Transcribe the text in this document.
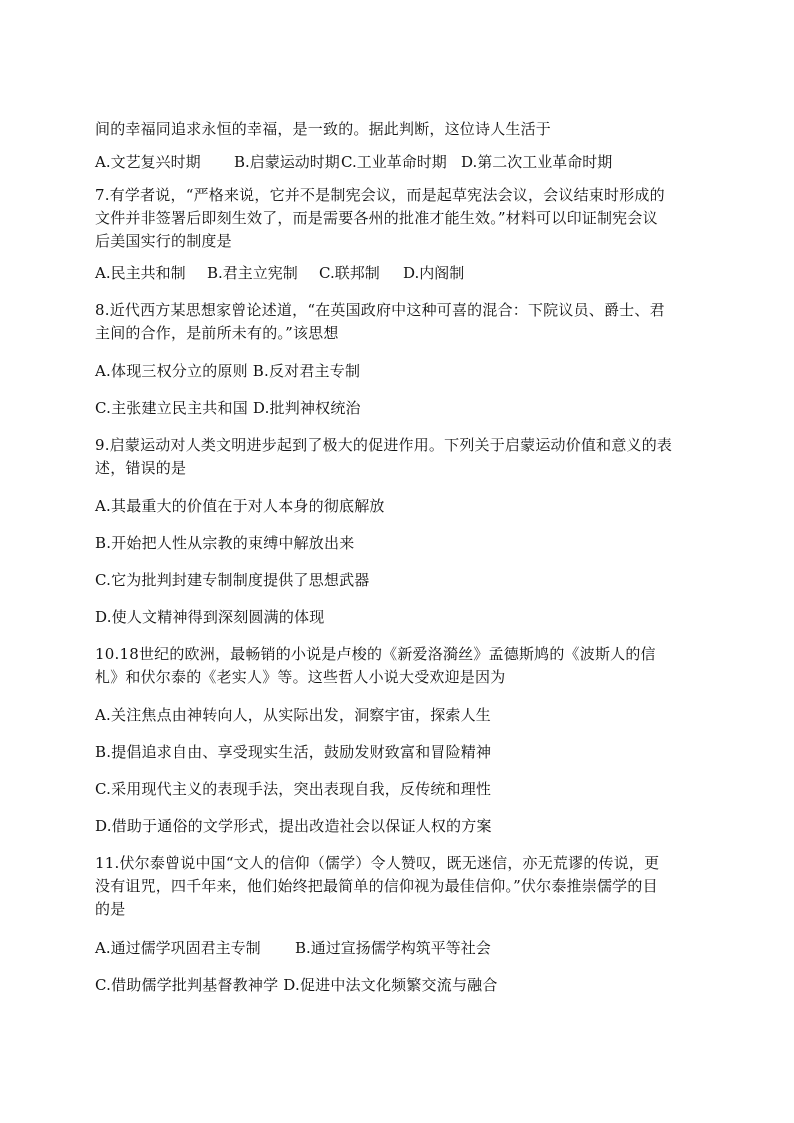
间的幸福同追求永恒的幸福，是一致的。据此判断，这位诗人生活于
A.文艺复兴时期 B.启蒙运动时期C.工业革命时期 D.第二次工业革命时期
7.有学者说，“严格来说，它并不是制宪会议，而是起草宪法会议，会议结束时形成的
文件并非签署后即刻生效了，而是需要各州的批准才能生效。”材料可以印证制宪会议
后美国实行的制度是
A.民主共和制 B.君主立宪制 C.联邦制 D.内阁制
8.近代西方某思想家曾论述道，“在英国政府中这种可喜的混合：下院议员、爵士、君
主间的合作，是前所未有的。”该思想
A.体现三权分立的原则 B.反对君主专制
C.主张建立民主共和国 D.批判神权统治
9.启蒙运动对人类文明进步起到了极大的促进作用。下列关于启蒙运动价值和意义的表
述，错误的是
A.其最重大的价值在于对人本身的彻底解放
B.开始把人性从宗教的束缚中解放出来
C.它为批判封建专制制度提供了思想武器
D.使人文精神得到深刻圆满的体现
10.18世纪的欧洲，最畅销的小说是卢梭的《新爱洛漪丝》孟德斯鸠的《波斯人的信
札》和伏尔泰的《老实人》等。这些哲人小说大受欢迎是因为
A.关注焦点由神转向人，从实际出发，洞察宇宙，探索人生
B.提倡追求自由、享受现实生活，鼓励发财致富和冒险精神
C.采用现代主义的表现手法，突出表现自我，反传统和理性
D.借助于通俗的文学形式，提出改造社会以保证人权的方案
11.伏尔泰曾说中国“文人的信仰（儒学）令人赞叹，既无迷信，亦无荒谬的传说，更
没有诅咒，四千年来，他们始终把最简单的信仰视为最佳信仰。”伏尔泰推崇儒学的目
的是
A.通过儒学巩固君主专制 B.通过宣扬儒学构筑平等社会
C.借助儒学批判基督教神学 D.促进中法文化频繁交流与融合
